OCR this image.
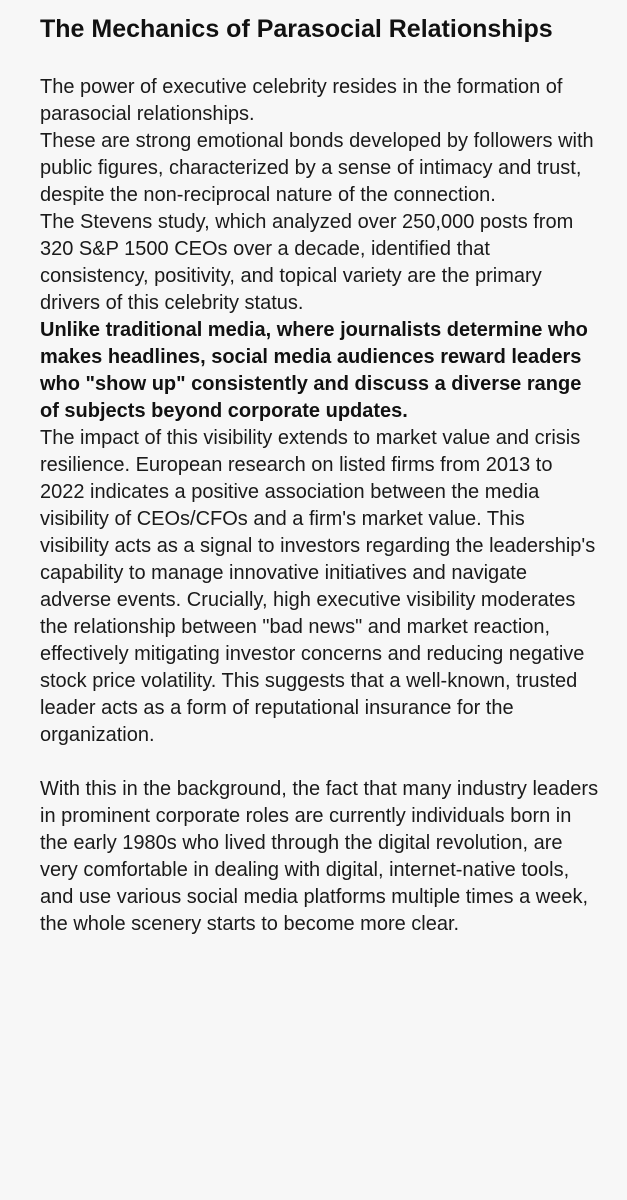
The Mechanics of Parasocial Relationships

The power of executive celebrity resides in the formation of parasocial relationships.

These are strong emotional bonds developed by followers with public figures, characterized by a sense of intimacy and trust, despite the non-reciprocal nature of the connection.

The Stevens study, which analyzed over 250,000 posts from 320 S&P 1500 CEOs over a decade, identified that consistency, positivity, and topical variety are the primary drivers of this celebrity status.

Unlike traditional media, where journalists determine who makes headlines, social media audiences reward leaders who "show up" consistently and discuss a diverse range of subjects beyond corporate updates.

The impact of this visibility extends to market value and crisis resilience. European research on listed firms from 2013 to 2022 indicates a positive association between the media visibility of CEOs/CFOs and a firm's market value. This visibility acts as a signal to investors regarding the leadership's capability to manage innovative initiatives and navigate adverse events. Crucially, high executive visibility moderates the relationship between "bad news" and market reaction, effectively mitigating investor concerns and reducing negative stock price volatility. This suggests that a well-known, trusted leader acts as a form of reputational insurance for the organization.

With this in the background, the fact that many industry leaders in prominent corporate roles are currently individuals born in the early 1980s who lived through the digital revolution, are very comfortable in dealing with digital, internet-native tools, and use various social media platforms multiple times a week, the whole scenery starts to become more clear.
